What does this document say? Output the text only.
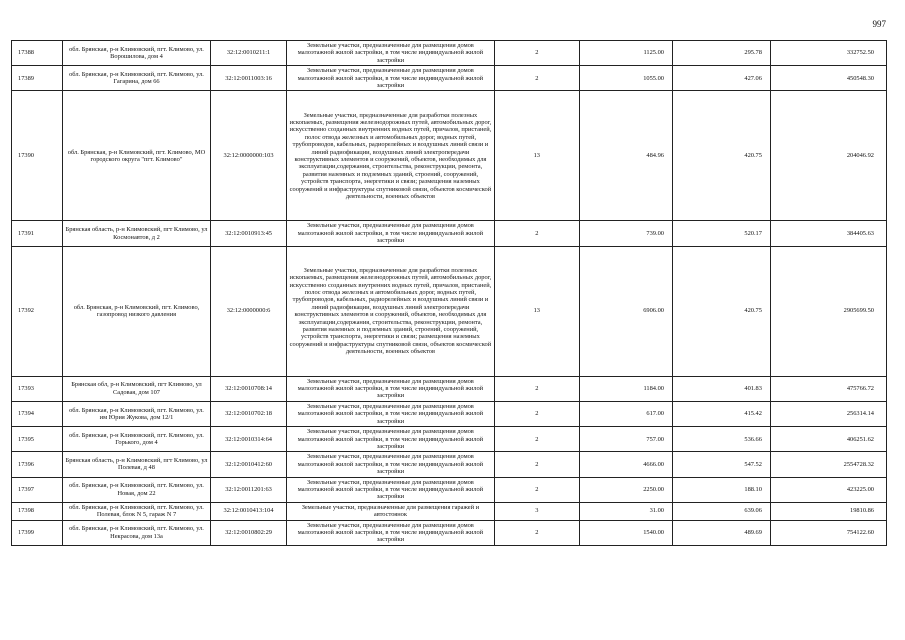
997
17388	обл. Брянская, р-н Климовский, пгт. Климово, ул. Ворошилова, дом 4	32:12:0010211:1	Земельные участки, предназначенные для размещения домов малоэтажной жилой застройки, в том числе индивидуальной жилой застройки	2	1125.00	295.78	332752.50
17389	обл. Брянская, р-н Климовский, пгт. Климово, ул. Гагарина, дом 66	32:12:0011003:16	Земельные участки, предназначенные для размещения домов малоэтажной жилой застройки, в том числе индивидуальной жилой застройки	2	1055.00	427.06	450548.30
17390	обл. Брянская, р-н Климовский, пгт. Климово, МО городского округа "пгт. Климово"	32:12:0000000:103	Земельные участки, предназначенные для разработки полезных ископаемых, размещения железнодорожных путей, автомобильных дорог, искусственно созданных внутренних водных путей, причалов, пристаней, полос отвода железных и автомобильных дорог, водных путей, трубопроводов, кабельных, радиорелейных и воздушных линий связи и линий радиофикации, воздушных линий электропередачи конструктивных элементов и сооружений, объектов, необходимых для эксплуатации,содержания, строительства, реконструкции, ремонта, развития наземных и подземных зданий, строений, сооружений, устройств транспорта, энергетики и связи; размещения наземных сооружений и инфраструктуры спутниковой связи, объектов космической деятельности, военных объектов	13	484.96	420.75	204046.92
17391	Брянская область, р-н Климовский, пгт Климово, ул Космонавтов, д 2	32:12:0010913:45	Земельные участки, предназначенные для размещения домов малоэтажной жилой застройки, в том числе индивидуальной жилой застройки	2	739.00	520.17	384405.63
17392	обл. Брянская, р-н Климовский, пгт. Климово, газопровод низкого давления	32:12:0000000:6	Земельные участки, предназначенные для разработки полезных ископаемых, размещения железнодорожных путей, автомобильных дорог, искусственно созданных внутренних водных путей, причалов, пристаней, полос отвода железных и автомобильных дорог, водных путей, трубопроводов, кабельных, радиорелейных и воздушных линий связи и линий радиофикации, воздушных линий электропередачи конструктивных элементов и сооружений, объектов, необходимых для эксплуатации,содержания, строительства, реконструкции, ремонта, развития наземных и подземных зданий, строений, сооружений, устройств транспорта, энергетики и связи; размещения наземных сооружений и инфраструктуры спутниковой связи, объектов космической деятельности, военных объектов	13	6906.00	420.75	2905699.50
17393	Брянская обл, р-н Климовский, пгт Климово, ул Садовая, дом 107	32:12:0010708:14	Земельные участки, предназначенные для размещения домов малоэтажной жилой застройки, в том числе индивидуальной жилой застройки	2	1184.00	401.83	475766.72
17394	обл. Брянская, р-н Климовский, пгт. Климово, ул. им Юрия Жукова, дом 12/1	32:12:0010702:18	Земельные участки, предназначенные для размещения домов малоэтажной жилой застройки, в том числе индивидуальной жилой застройки	2	617.00	415.42	256314.14
17395	обл. Брянская, р-н Климовский, пгт. Климово, ул. Горького, дом 4	32:12:0010314:64	Земельные участки, предназначенные для размещения домов малоэтажной жилой застройки, в том числе индивидуальной жилой застройки	2	757.00	536.66	406251.62
17396	Брянская область, р-н Климовский, пгт Климово, ул Полевая, д 48	32:12:0010412:60	Земельные участки, предназначенные для размещения домов малоэтажной жилой застройки, в том числе индивидуальной жилой застройки	2	4666.00	547.52	2554728.32
17397	обл. Брянская, р-н Климовский, пгт. Климово, ул. Новая, дом 22	32:12:0011201:63	Земельные участки, предназначенные для размещения домов малоэтажной жилой застройки, в том числе индивидуальной жилой застройки	2	2250.00	188.10	423225.00
17398	обл. Брянская, р-н Климовский, пгт. Климово, ул. Полевая, блок N 5, гараж N 7	32:12:0010413:104	Земельные участки, предназначенные для размещения гаражей и автостоянок	3	31.00	639.06	19810.86
17399	обл. Брянская, р-н Климовский, пгт. Климово, ул. Некрасова, дом 13а	32:12:0010802:29	Земельные участки, предназначенные для размещения домов малоэтажной жилой застройки, в том числе индивидуальной жилой застройки	2	1540.00	489.69	754122.60
